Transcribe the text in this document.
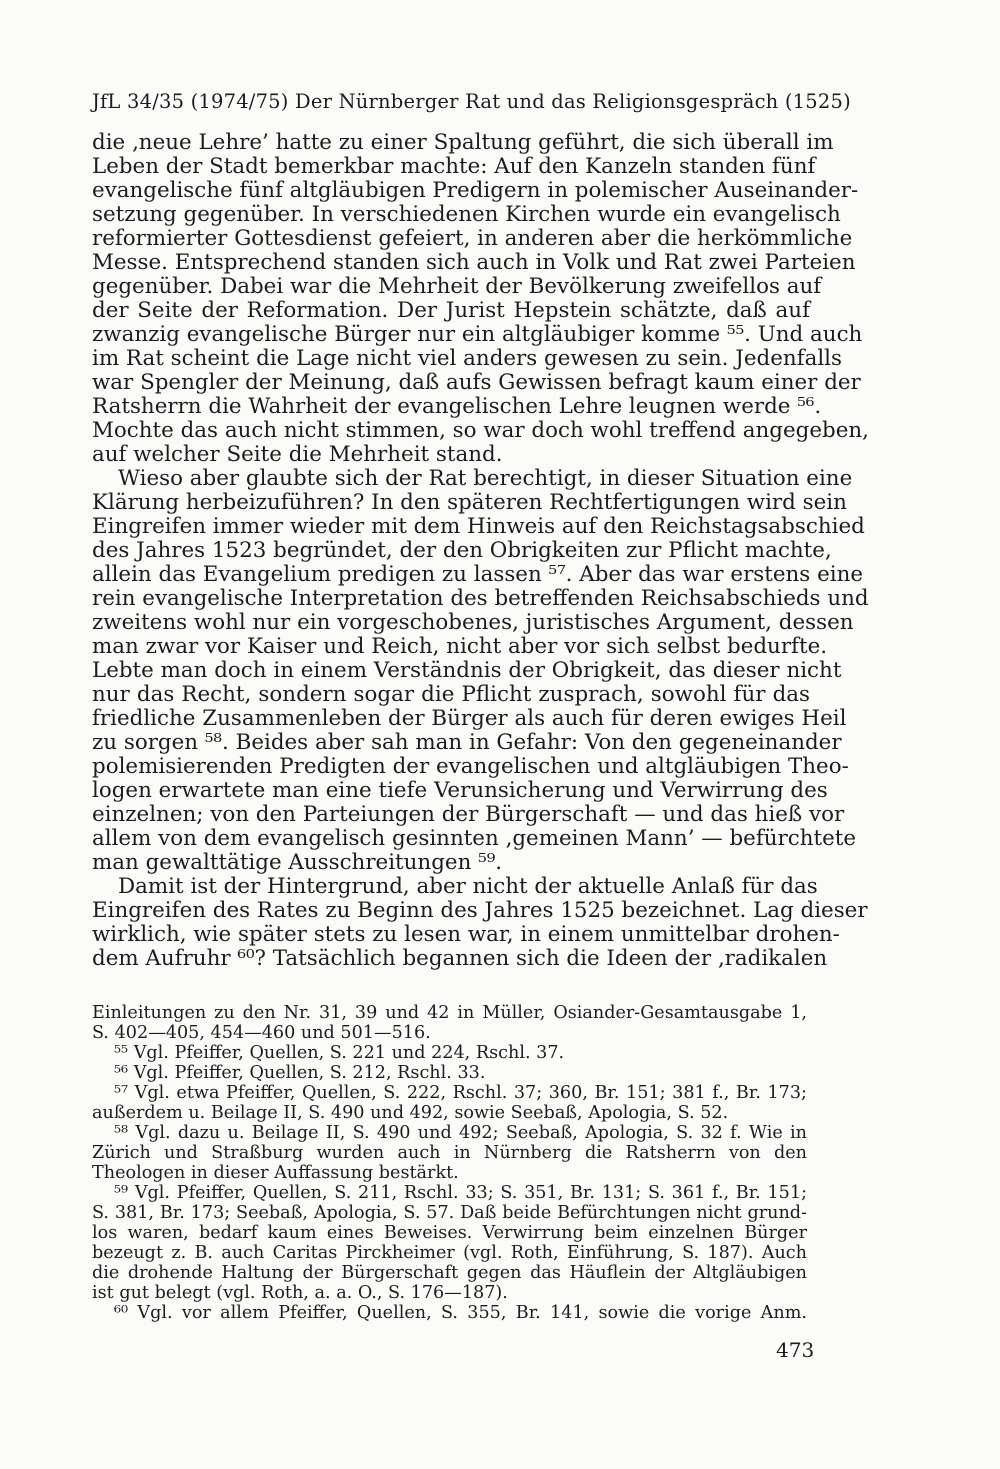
JfL 34/35 (1974/75) Der Nürnberger Rat und das Religionsgespräch (1525)
die ‚neue Lehre’ hatte zu einer Spaltung geführt, die sich überall im
Leben der Stadt bemerkbar machte: Auf den Kanzeln standen fünf
evangelische fünf altgläubigen Predigern in polemischer Auseinander-
setzung gegenüber. In verschiedenen Kirchen wurde ein evangelisch
reformierter Gottesdienst gefeiert, in anderen aber die herkömmliche
Messe. Entsprechend standen sich auch in Volk und Rat zwei Parteien
gegenüber. Dabei war die Mehrheit der Bevölkerung zweifellos auf
der Seite der Reformation. Der Jurist Hepstein schätzte, daß auf
zwanzig evangelische Bürger nur ein altgläubiger komme ⁵⁵. Und auch
im Rat scheint die Lage nicht viel anders gewesen zu sein. Jedenfalls
war Spengler der Meinung, daß aufs Gewissen befragt kaum einer der
Ratsherrn die Wahrheit der evangelischen Lehre leugnen werde ⁵⁶.
Mochte das auch nicht stimmen, so war doch wohl treffend angegeben,
auf welcher Seite die Mehrheit stand.
Wieso aber glaubte sich der Rat berechtigt, in dieser Situation eine
Klärung herbeizuführen? In den späteren Rechtfertigungen wird sein
Eingreifen immer wieder mit dem Hinweis auf den Reichstagsabschied
des Jahres 1523 begründet, der den Obrigkeiten zur Pflicht machte,
allein das Evangelium predigen zu lassen ⁵⁷. Aber das war erstens eine
rein evangelische Interpretation des betreffenden Reichsabschieds und
zweitens wohl nur ein vorgeschobenes, juristisches Argument, dessen
man zwar vor Kaiser und Reich, nicht aber vor sich selbst bedurfte.
Lebte man doch in einem Verständnis der Obrigkeit, das dieser nicht
nur das Recht, sondern sogar die Pflicht zusprach, sowohl für das
friedliche Zusammenleben der Bürger als auch für deren ewiges Heil
zu sorgen ⁵⁸. Beides aber sah man in Gefahr: Von den gegeneinander
polemisierenden Predigten der evangelischen und altgläubigen Theo-
logen erwartete man eine tiefe Verunsicherung und Verwirrung des
einzelnen; von den Parteiungen der Bürgerschaft — und das hieß vor
allem von dem evangelisch gesinnten ‚gemeinen Mann’ — befürchtete
man gewalttätige Ausschreitungen ⁵⁹.
Damit ist der Hintergrund, aber nicht der aktuelle Anlaß für das
Eingreifen des Rates zu Beginn des Jahres 1525 bezeichnet. Lag dieser
wirklich, wie später stets zu lesen war, in einem unmittelbar drohen-
dem Aufruhr ⁶⁰? Tatsächlich begannen sich die Ideen der ‚radikalen
Einleitungen zu den Nr. 31, 39 und 42 in Müller, Osiander-Gesamtausgabe 1,
S. 402—405, 454—460 und 501—516.
⁵⁵ Vgl. Pfeiffer, Quellen, S. 221 und 224, Rschl. 37.
⁵⁶ Vgl. Pfeiffer, Quellen, S. 212, Rschl. 33.
⁵⁷ Vgl. etwa Pfeiffer, Quellen, S. 222, Rschl. 37; 360, Br. 151; 381 f., Br. 173;
außerdem u. Beilage II, S. 490 und 492, sowie Seebaß, Apologia, S. 52.
⁵⁸ Vgl. dazu u. Beilage II, S. 490 und 492; Seebaß, Apologia, S. 32 f. Wie in
Zürich und Straßburg wurden auch in Nürnberg die Ratsherrn von den
Theologen in dieser Auffassung bestärkt.
⁵⁹ Vgl. Pfeiffer, Quellen, S. 211, Rschl. 33; S. 351, Br. 131; S. 361 f., Br. 151;
S. 381, Br. 173; Seebaß, Apologia, S. 57. Daß beide Befürchtungen nicht grund-
los waren, bedarf kaum eines Beweises. Verwirrung beim einzelnen Bürger
bezeugt z. B. auch Caritas Pirckheimer (vgl. Roth, Einführung, S. 187). Auch
die drohende Haltung der Bürgerschaft gegen das Häuflein der Altgläubigen
ist gut belegt (vgl. Roth, a. a. O., S. 176—187).
⁶⁰ Vgl. vor allem Pfeiffer, Quellen, S. 355, Br. 141, sowie die vorige Anm.
473
